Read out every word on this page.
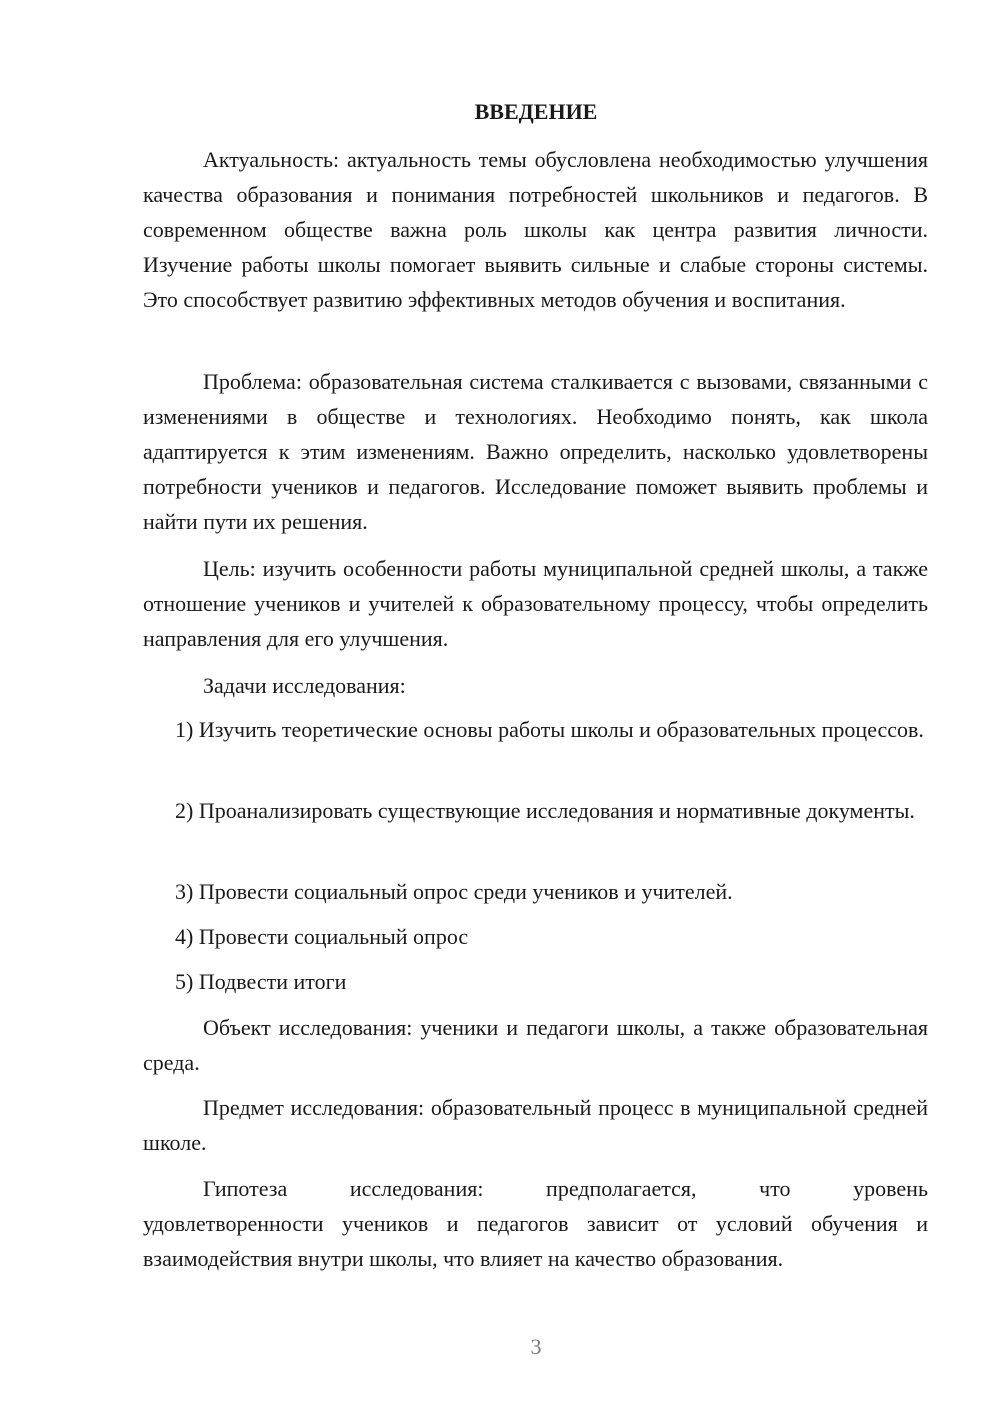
ВВЕДЕНИЕ

Актуальность: актуальность темы обусловлена необходимостью улучшения качества образования и понимания потребностей школьников и педагогов. В современном обществе важна роль школы как центра развития личности. Изучение работы школы помогает выявить сильные и слабые стороны системы. Это способствует развитию эффективных методов обучения и воспитания.

Проблема: образовательная система сталкивается с вызовами, связанными с изменениями в обществе и технологиях. Необходимо понять, как школа адаптируется к этим изменениям. Важно определить, насколько удовлетворены потребности учеников и педагогов. Исследование поможет выявить проблемы и найти пути их решения.

Цель: изучить особенности работы муниципальной средней школы, а также отношение учеников и учителей к образовательному процессу, чтобы определить направления для его улучшения.

Задачи исследования:

1) Изучить теоретические основы работы школы и образовательных процессов.

2) Проанализировать существующие исследования и нормативные документы.

3) Провести социальный опрос среди учеников и учителей.

4) Провести социальный опрос

5) Подвести итоги

Объект исследования: ученики и педагоги школы, а также образовательная среда.

Предмет исследования: образовательный процесс в муниципальной средней школе.

Гипотеза исследования: предполагается, что уровень
удовлетворенности учеников и педагогов зависит от условий обучения и взаимодействия внутри школы, что влияет на качество образования.
3
